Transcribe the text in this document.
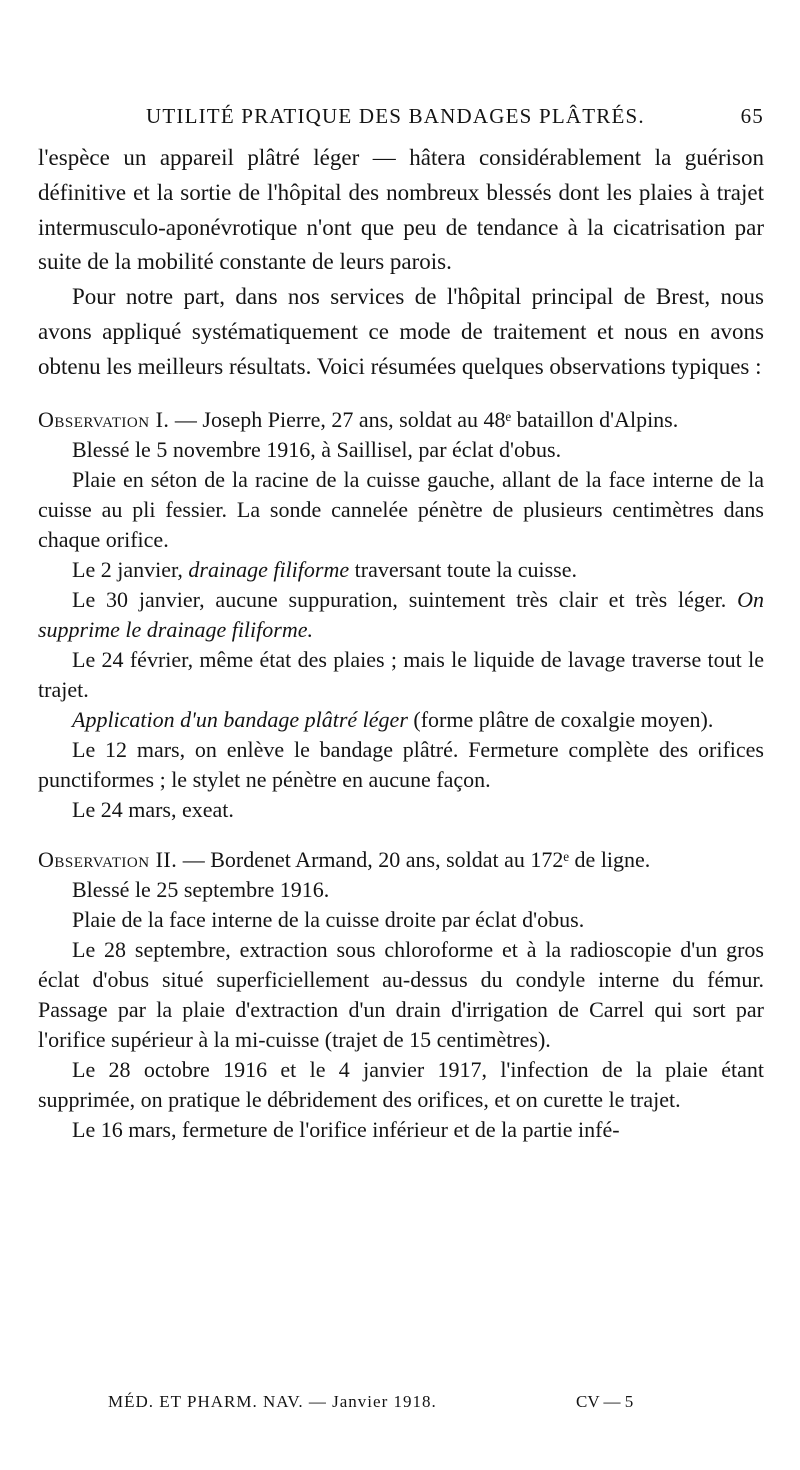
UTILITÉ PRATIQUE DES BANDAGES PLÂTRÉS.	65

l'espèce un appareil plâtré léger — hâtera considérablement la guérison définitive et la sortie de l'hôpital des nombreux blessés dont les plaies à trajet intermusculo-aponévrotique n'ont que peu de tendance à la cicatrisation par suite de la mobilité constante de leurs parois.

Pour notre part, dans nos services de l'hôpital principal de Brest, nous avons appliqué systématiquement ce mode de traitement et nous en avons obtenu les meilleurs résultats. Voici résumées quelques observations typiques :

Observation I. — Joseph Pierre, 27 ans, soldat au 48ᵉ bataillon d'Alpins.

Blessé le 5 novembre 1916, à Saillisel, par éclat d'obus.

Plaie en séton de la racine de la cuisse gauche, allant de la face interne de la cuisse au pli fessier. La sonde cannelée pénètre de plusieurs centimètres dans chaque orifice.

Le 2 janvier, drainage filiforme traversant toute la cuisse.

Le 30 janvier, aucune suppuration, suintement très clair et très léger. On supprime le drainage filiforme.

Le 24 février, même état des plaies ; mais le liquide de lavage traverse tout le trajet.

Application d'un bandage plâtré léger (forme plâtre de coxalgie moyen).

Le 12 mars, on enlève le bandage plâtré. Fermeture complète des orifices punctiformes ; le stylet ne pénètre en aucune façon.

Le 24 mars, exeat.

Observation II. — Bordenet Armand, 20 ans, soldat au 172ᵉ de ligne.

Blessé le 25 septembre 1916.

Plaie de la face interne de la cuisse droite par éclat d'obus.

Le 28 septembre, extraction sous chloroforme et à la radioscopie d'un gros éclat d'obus situé superficiellement au-dessus du condyle interne du fémur. Passage par la plaie d'extraction d'un drain d'irrigation de Carrel qui sort par l'orifice supérieur à la mi-cuisse (trajet de 15 centimètres).

Le 28 octobre 1916 et le 4 janvier 1917, l'infection de la plaie étant supprimée, on pratique le débridement des orifices, et on curette le trajet.

Le 16 mars, fermeture de l'orifice inférieur et de la partie infé-

MÉD. ET PHARM. NAV. — Janvier 1918.	CV — 5
